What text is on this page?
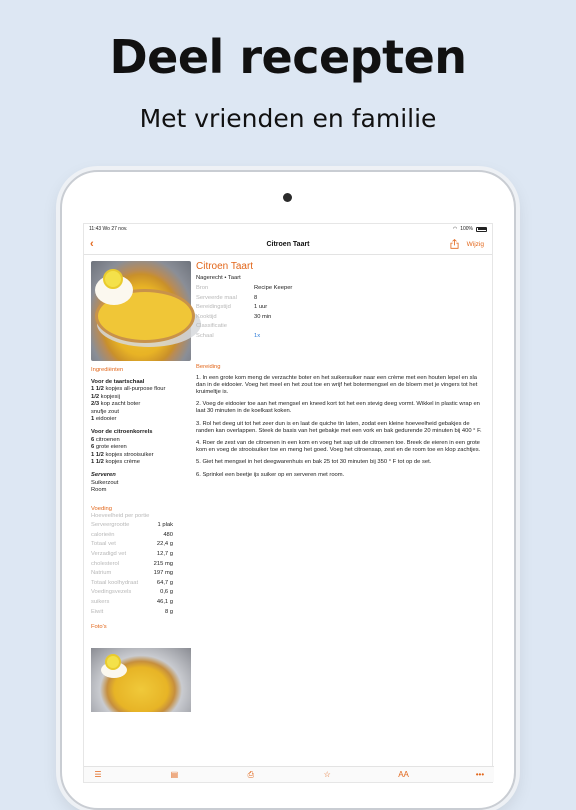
Deel recepten
Met vrienden en familie
11:43 Wo 27 nov.	◠ 100%
‹	Citroen Taart	Wijzig
Ingrediënten
Voor de taartschaal
1 1/2 kopjes all-purpose flour
1/2 kopjesij
2/3 kop zacht boter
snufje zout
1 eidooier
Voor de citroenkorrels
6 citroenen
6 grote eieren
1 1/2 kopjes strooisuiker
1 1/2 kopjes crème
Serveren
Suikerzout
Room
Voeding
Hoeveelheid per portie
Serveergrootte	1 plak
calorieën	480
Totaal vet	22,4 g
Verzadigd vet	12,7 g
cholesterol	215 mg
Natrium	197 mg
Totaal koolhydraat	64,7 g
Voedingsvezels	0,6 g
suikers	46,1 g
Eiwit	8 g
Foto's
Citroen Taart
Nagerecht • Taart
Bron	Recipe Keeper
Serveerde maal	8
Bereidingstijd	1 uur
Kooktijd	30 min
Classificatie
Schaal	1x
Bereiding
1. In een grote kom meng de verzachte boter en het suikersuiker naar een crème met een houten lepel en sla dan in de eidooier. Voeg het meel en het zout toe en wrijf het botermengsel en de bloem met je vingers tot het kruimeltje is.
2. Voeg de eidooier toe aan het mengsel en kneed kort tot het een stevig deeg vormt. Wikkel in plastic wrap en laat 30 minuten in de koelkast koken.
3. Rol het deeg uit tot het zeer dun is en laat de quiche tin laten, zodat een kleine hoeveelheid gebakjes de randen kan overlappen. Steek de basis van het gebakje met een vork en bak gedurende 20 minuten bij 400 ° F.
4. Roer de zest van de citroenen in een kom en voeg het sap uit de citroenen toe. Breek de eieren in een grote kom en voeg de strooisuiker toe en meng het goed. Voeg het citroensap, zest en de room toe en klop zachtjes.
5. Giet het mengsel in het deegwarenhuis en bak 25 tot 30 minuten bij 350 ° F tot op de set.
6. Sprinkel een beetje ijs suiker op en serveren met room.
☰	▤	⎙	☆	AA	•••
